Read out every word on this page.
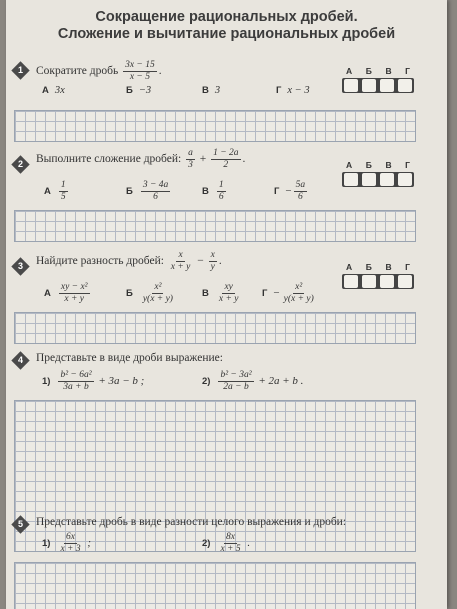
Сокращение рациональных дробей.
Сложение и вычитание рациональных дробей
1	Сократите дробь $\frac{3x - 15}{x - 5}$ .
А 3x	Б −3	В 3	Г x − 3
А Б В Г
2	Выполните сложение дробей: $\frac{a}{3} + \frac{1 - 2a}{2}$ .
А $\frac{1}{5}$	Б $\frac{3 - 4a}{6}$	В $\frac{1}{6}$	$Г - \frac{5a}{6}$
А Б В Г
3	Найдите разность дробей: $\frac{x}{x + y} - \frac{x}{y}$ .
А $\frac{\text{xy − x²}}{x + y}$	Б $\frac{\text{x²}}{y(x + y)}$	В $\frac{xy}{x + y}$ $Г - \frac{\text{x²}}{y(x + y)}$
А Б В Г
4	Представьте в виде дроби выражение:
$1) \frac{\text{b² − 6a²}}{3a + b} + 3a - b$ ;	$2) \frac{\text{b² − 3a²}}{2a - b} + 2a + b$ .
5	Представьте дробь в виде разности целого выражения и дроби:
$1) \frac{6x}{x + 3}$ ;	$2) \frac{8x}{x + 5}$ .
